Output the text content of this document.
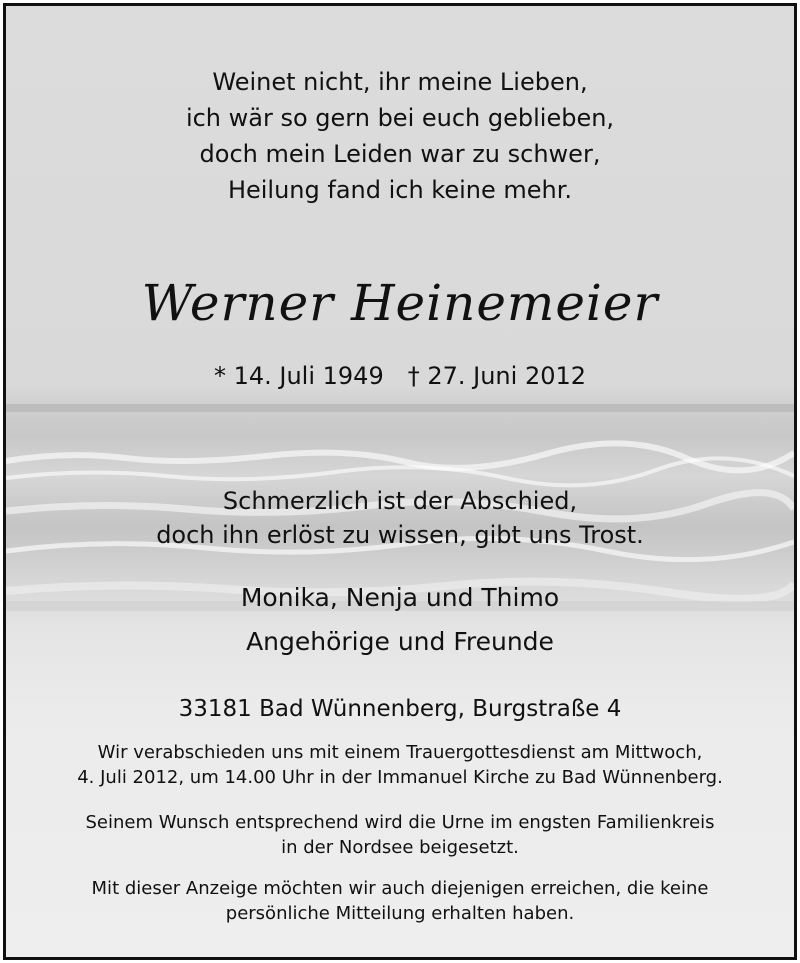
Weinet nicht, ihr meine Lieben,

ich wär so gern bei euch geblieben,

doch mein Leiden war zu schwer,

Heilung fand ich keine mehr.

Werner Heinemeier
* 14. Juli 1949 † 27. Juni 2012

Schmerzlich ist der Abschied,

doch ihn erlöst zu wissen, gibt uns Trost.

Monika, Nenja und Thimo

Angehörige und Freunde

33181 Bad Wünnenberg, Burgstraße 4

Wir verabschieden uns mit einem Trauergottesdienst am Mittwoch,

4. Juli 2012, um 14.00 Uhr in der Immanuel Kirche zu Bad Wünnenberg.

Seinem Wunsch entsprechend wird die Urne im engsten Familienkreis

in der Nordsee beigesetzt.

Mit dieser Anzeige möchten wir auch diejenigen erreichen, die keine

persönliche Mitteilung erhalten haben.
